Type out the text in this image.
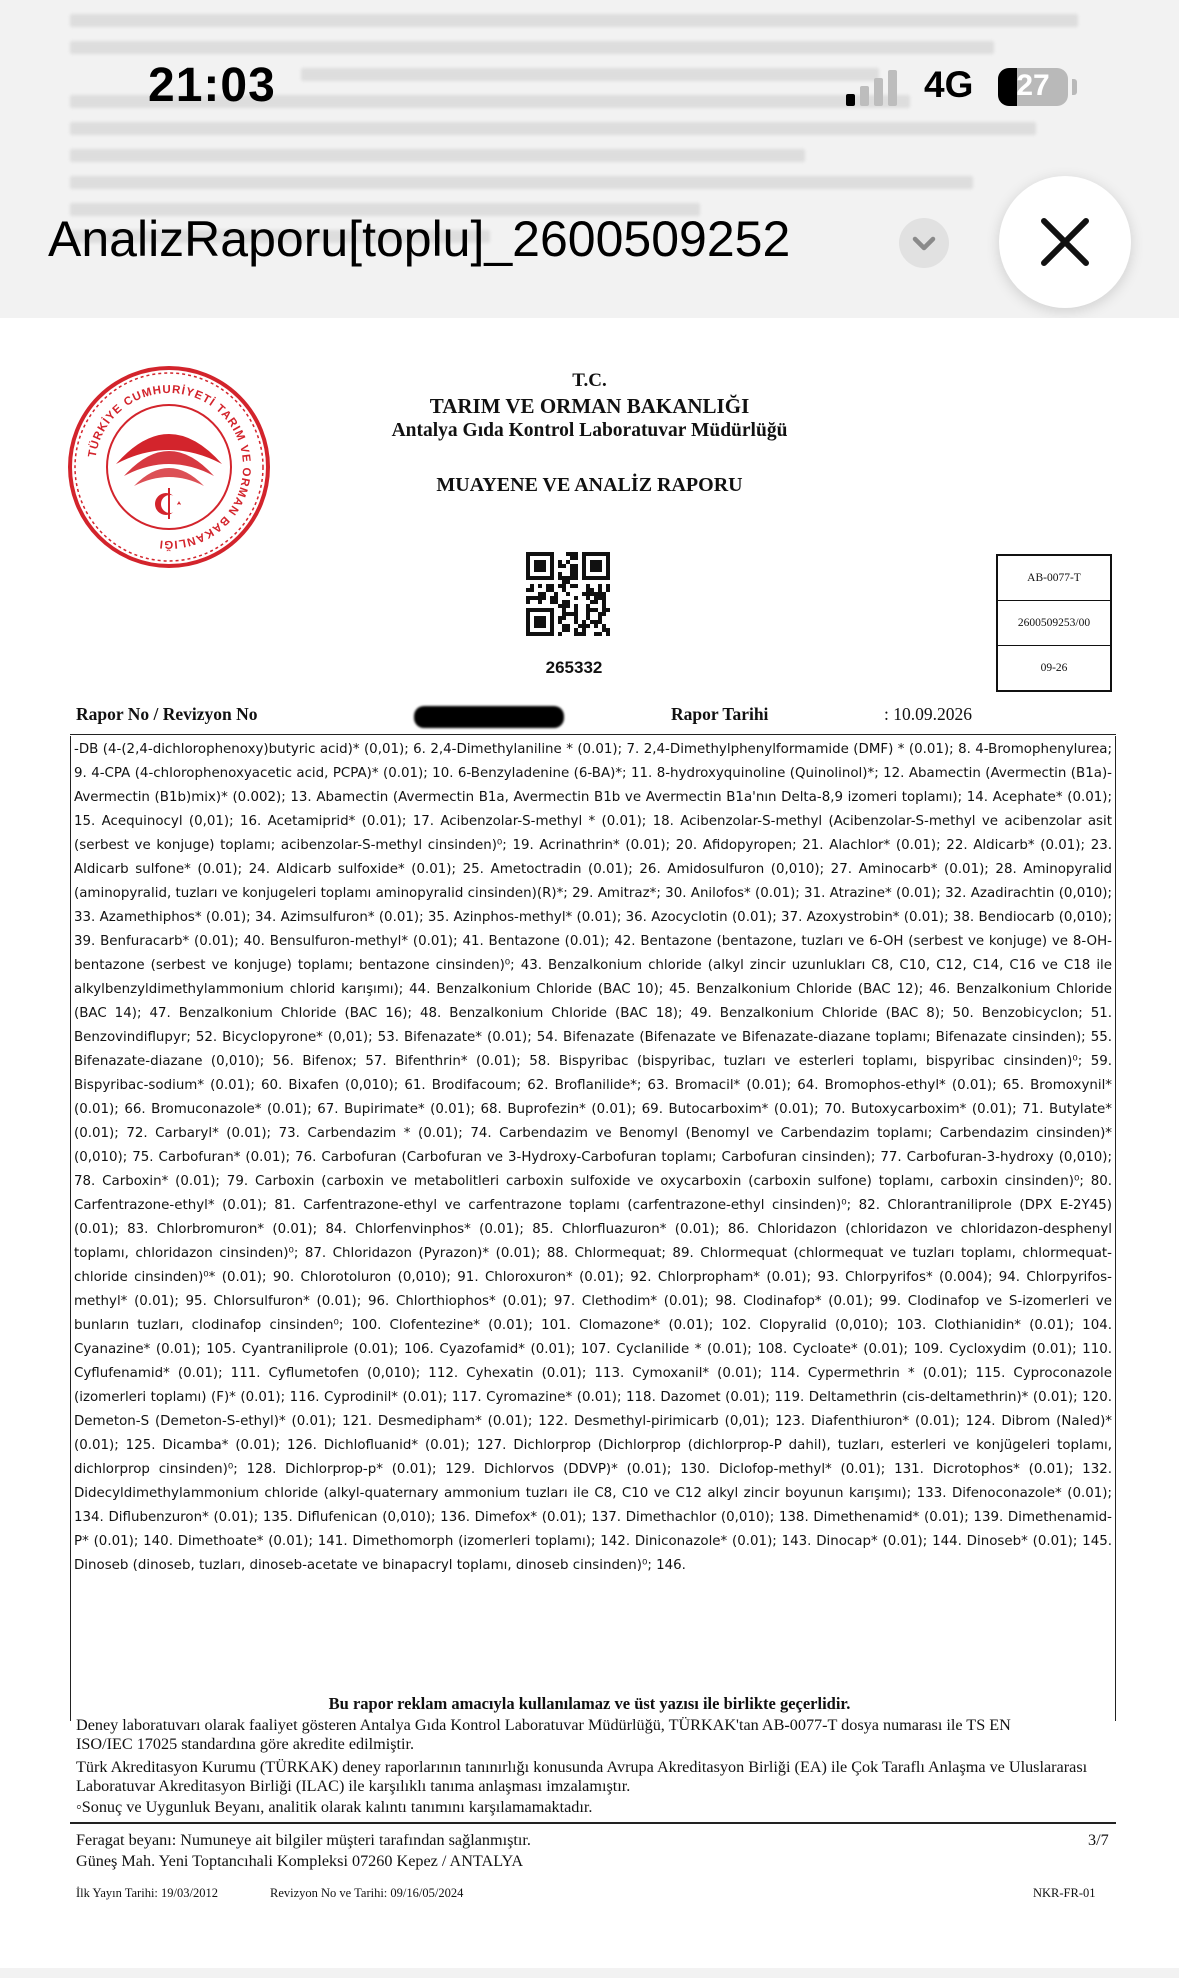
21:03	4G	27
AnalizRaporu[toplu]_2600509252
TÜRKİYE CUMHURİYETİ TARIM VE ORMAN BAKANLIĞI
T.C.
TARIM VE ORMAN BAKANLIĞI
Antalya Gıda Kontrol Laboratuvar Müdürlüğü
MUAYENE VE ANALİZ RAPORU
265332
AB-0077-T
2600509253/00
09-26
Rapor No / Revizyon No	Rapor Tarihi	: 10.09.2026
-DB (4-(2,4-dichlorophenoxy)butyric acid)* (0,01); 6. 2,4-Dimethylaniline * (0.01); 7. 2,4-Dimethylphenylformamide (DMF) * (0.01); 8. 4-Bromophenylurea; 9. 4-CPA (4-chlorophenoxyacetic acid, PCPA)* (0.01); 10. 6-Benzyladenine (6-BA)*; 11. 8-hydroxyquinoline (Quinolinol)*; 12. Abamectin (Avermectin (B1a)-Avermectin (B1b)mix)* (0.002); 13. Abamectin (Avermectin B1a, Avermectin B1b ve Avermectin B1a'nın Delta-8,9 izomeri toplamı); 14. Acephate* (0.01); 15. Acequinocyl (0,01); 16. Acetamiprid* (0.01); 17. Acibenzolar-S-methyl * (0.01); 18. Acibenzolar-S-methyl (Acibenzolar-S-methyl ve acibenzolar asit (serbest ve konjuge) toplamı; acibenzolar-S-methyl cinsinden)⁰; 19. Acrinathrin* (0.01); 20. Afidopyropen; 21. Alachlor* (0.01); 22. Aldicarb* (0.01); 23. Aldicarb sulfone* (0.01); 24. Aldicarb sulfoxide* (0.01); 25. Ametoctradin (0.01); 26. Amidosulfuron (0,010); 27. Aminocarb* (0.01); 28. Aminopyralid (aminopyralid, tuzları ve konjugeleri toplamı aminopyralid cinsinden)(R)*; 29. Amitraz*; 30. Anilofos* (0.01); 31. Atrazine* (0.01); 32. Azadirachtin (0,010); 33. Azamethiphos* (0.01); 34. Azimsulfuron* (0.01); 35. Azinphos-methyl* (0.01); 36. Azocyclotin (0.01); 37. Azoxystrobin* (0.01); 38. Bendiocarb (0,010); 39. Benfuracarb* (0.01); 40. Bensulfuron-methyl* (0.01); 41. Bentazone (0.01); 42. Bentazone (bentazone, tuzları ve 6-OH (serbest ve konjuge) ve 8-OH-bentazone (serbest ve konjuge) toplamı; bentazone cinsinden)⁰; 43. Benzalkonium chloride (alkyl zincir uzunlukları C8, C10, C12, C14, C16 ve C18 ile alkylbenzyldimethylammonium chlorid karışımı); 44. Benzalkonium Chloride (BAC 10); 45. Benzalkonium Chloride (BAC 12); 46. Benzalkonium Chloride (BAC 14); 47. Benzalkonium Chloride (BAC 16); 48. Benzalkonium Chloride (BAC 18); 49. Benzalkonium Chloride (BAC 8); 50. Benzobicyclon; 51. Benzovindiflupyr; 52. Bicyclopyrone* (0,01); 53. Bifenazate* (0.01); 54. Bifenazate (Bifenazate ve Bifenazate-diazane toplamı; Bifenazate cinsinden); 55. Bifenazate-diazane (0,010); 56. Bifenox; 57. Bifenthrin* (0.01); 58. Bispyribac (bispyribac, tuzları ve esterleri toplamı, bispyribac cinsinden)⁰; 59. Bispyribac-sodium* (0.01); 60. Bixafen (0,010); 61. Brodifacoum; 62. Broflanilide*; 63. Bromacil* (0.01); 64. Bromophos-ethyl* (0.01); 65. Bromoxynil* (0.01); 66. Bromuconazole* (0.01); 67. Bupirimate* (0.01); 68. Buprofezin* (0.01); 69. Butocarboxim* (0.01); 70. Butoxycarboxim* (0.01); 71. Butylate* (0.01); 72. Carbaryl* (0.01); 73. Carbendazim * (0.01); 74. Carbendazim ve Benomyl (Benomyl ve Carbendazim toplamı; Carbendazim cinsinden)* (0,010); 75. Carbofuran* (0.01); 76. Carbofuran (Carbofuran ve 3-Hydroxy-Carbofuran toplamı; Carbofuran cinsinden); 77. Carbofuran-3-hydroxy (0,010); 78. Carboxin* (0.01); 79. Carboxin (carboxin ve metabolitleri carboxin sulfoxide ve oxycarboxin (carboxin sulfone) toplamı, carboxin cinsinden)⁰; 80. Carfentrazone-ethyl* (0.01); 81. Carfentrazone-ethyl ve carfentrazone toplamı (carfentrazone-ethyl cinsinden)⁰; 82. Chlorantraniliprole (DPX E-2Y45) (0.01); 83. Chlorbromuron* (0.01); 84. Chlorfenvinphos* (0.01); 85. Chlorfluazuron* (0.01); 86. Chloridazon (chloridazon ve chloridazon-desphenyl toplamı, chloridazon cinsinden)⁰; 87. Chloridazon (Pyrazon)* (0.01); 88. Chlormequat; 89. Chlormequat (chlormequat ve tuzları toplamı, chlormequat-chloride cinsinden)⁰* (0.01); 90. Chlorotoluron (0,010); 91. Chloroxuron* (0.01); 92. Chlorpropham* (0.01); 93. Chlorpyrifos* (0.004); 94. Chlorpyrifos-methyl* (0.01); 95. Chlorsulfuron* (0.01); 96. Chlorthiophos* (0.01); 97. Clethodim* (0.01); 98. Clodinafop* (0.01); 99. Clodinafop ve S-izomerleri ve bunların tuzları, clodinafop cinsinden⁰; 100. Clofentezine* (0.01); 101. Clomazone* (0.01); 102. Clopyralid (0,010); 103. Clothianidin* (0.01); 104. Cyanazine* (0.01); 105. Cyantraniliprole (0.01); 106. Cyazofamid* (0.01); 107. Cyclanilide * (0.01); 108. Cycloate* (0.01); 109. Cycloxydim (0.01); 110. Cyflufenamid* (0.01); 111. Cyflumetofen (0,010); 112. Cyhexatin (0.01); 113. Cymoxanil* (0.01); 114. Cypermethrin * (0.01); 115. Cyproconazole (izomerleri toplamı) (F)* (0.01); 116. Cyprodinil* (0.01); 117. Cyromazine* (0.01); 118. Dazomet (0.01); 119. Deltamethrin (cis-deltamethrin)* (0.01); 120. Demeton-S (Demeton-S-ethyl)* (0.01); 121. Desmedipham* (0.01); 122. Desmethyl-pirimicarb (0,01); 123. Diafenthiuron* (0.01); 124. Dibrom (Naled)* (0.01); 125. Dicamba* (0.01); 126. Dichlofluanid* (0.01); 127. Dichlorprop (Dichlorprop (dichlorprop-P dahil), tuzları, esterleri ve konjügeleri toplamı, dichlorprop cinsinden)⁰; 128. Dichlorprop-p* (0.01); 129. Dichlorvos (DDVP)* (0.01); 130. Diclofop-methyl* (0.01); 131. Dicrotophos* (0.01); 132. Didecyldimethylammonium chloride (alkyl-quaternary ammonium tuzları ile C8, C10 ve C12 alkyl zincir boyunun karışımı); 133. Difenoconazole* (0.01); 134. Diflubenzuron* (0.01); 135. Diflufenican (0,010); 136. Dimefox* (0.01); 137. Dimethachlor (0,010); 138. Dimethenamid* (0.01); 139. Dimethenamid-P* (0.01); 140. Dimethoate* (0.01); 141. Dimethomorph (izomerleri toplamı); 142. Diniconazole* (0.01); 143. Dinocap* (0.01); 144. Dinoseb* (0.01); 145. Dinoseb (dinoseb, tuzları, dinoseb-acetate ve binapacryl toplamı, dinoseb cinsinden)⁰; 146.
Bu rapor reklam amacıyla kullanılamaz ve üst yazısı ile birlikte geçerlidir.
Deney laboratuvarı olarak faaliyet gösteren Antalya Gıda Kontrol Laboratuvar Müdürlüğü, TÜRKAK'tan AB-0077-T dosya numarası ile TS EN ISO/IEC 17025 standardına göre akredite edilmiştir.
Türk Akreditasyon Kurumu (TÜRKAK) deney raporlarının tanınırlığı konusunda Avrupa Akreditasyon Birliği (EA) ile Çok Taraflı Anlaşma ve Uluslararası Laboratuvar Akreditasyon Birliği (ILAC) ile karşılıklı tanıma anlaşması imzalamıştır.
◦Sonuç ve Uygunluk Beyanı, analitik olarak kalıntı tanımını karşılamamaktadır.
Feragat beyanı: Numuneye ait bilgiler müşteri tarafından sağlanmıştır.	3/7
Güneş Mah. Yeni Toptancıhali Kompleksi 07260 Kepez / ANTALYA
İlk Yayın Tarihi: 19/03/2012	Revizyon No ve Tarihi: 09/16/05/2024	NKR-FR-01
